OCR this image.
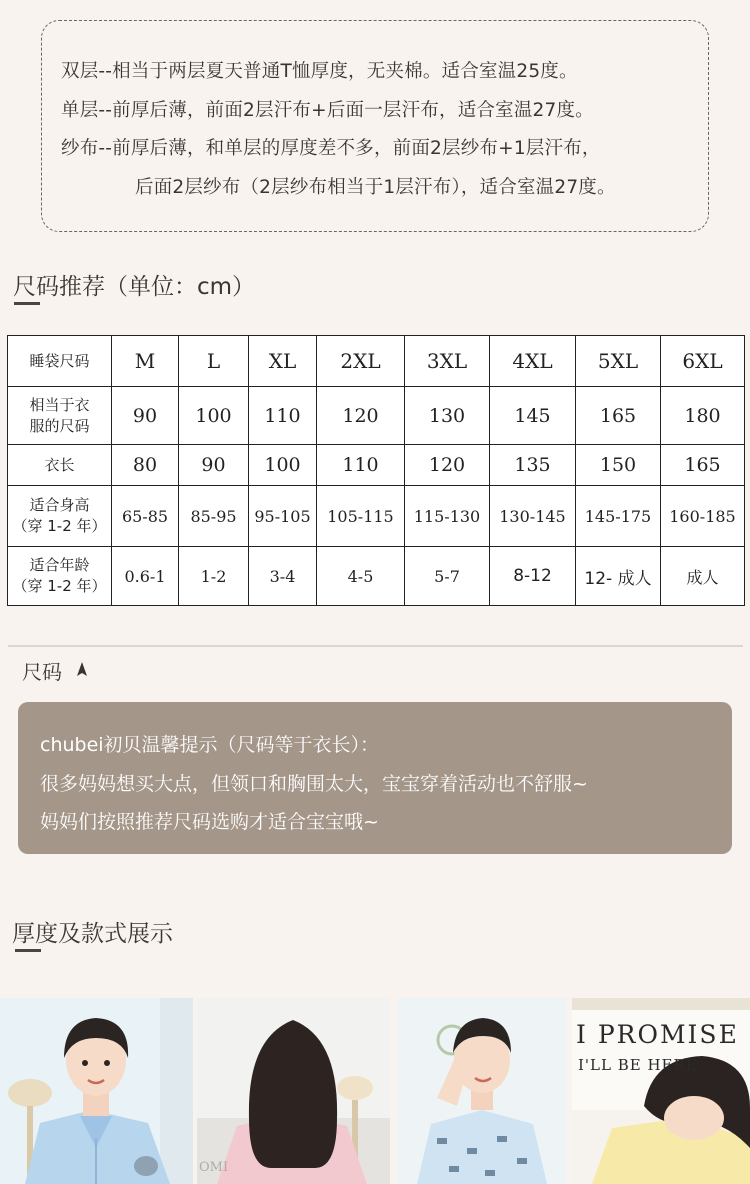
双层--相当于两层夏天普通T恤厚度，无夹棉。适合室温25度。
单层--前厚后薄，前面2层汗布+后面一层汗布，适合室温27度。
纱布--前厚后薄，和单层的厚度差不多，前面2层纱布+1层汗布，
后面2层纱布（2层纱布相当于1层汗布），适合室温27度。
尺码推荐（单位：cm）
睡袋尺码	M	L	XL	2XL	3XL	4XL	5XL	6XL
相当于衣
服的尺码	90	100	110	120	130	145	165	180
衣长	80	90	100	110	120	135	150	165
适合身高
（穿 1-2 年）	65-85	85-95	95-105	105-115	115-130	130-145	145-175	160-185
适合年龄
（穿 1-2 年）	0.6-1	1-2	3-4	4-5	5-7	8-12	12- 成人	成人
尺码
chubei初贝温馨提示（尺码等于衣长）：
很多妈妈想买大点，但领口和胸围太大，宝宝穿着活动也不舒服~
妈妈们按照推荐尺码选购才适合宝宝哦~
厚度及款式展示
OMI
I PROMISE
I'LL BE HERE
